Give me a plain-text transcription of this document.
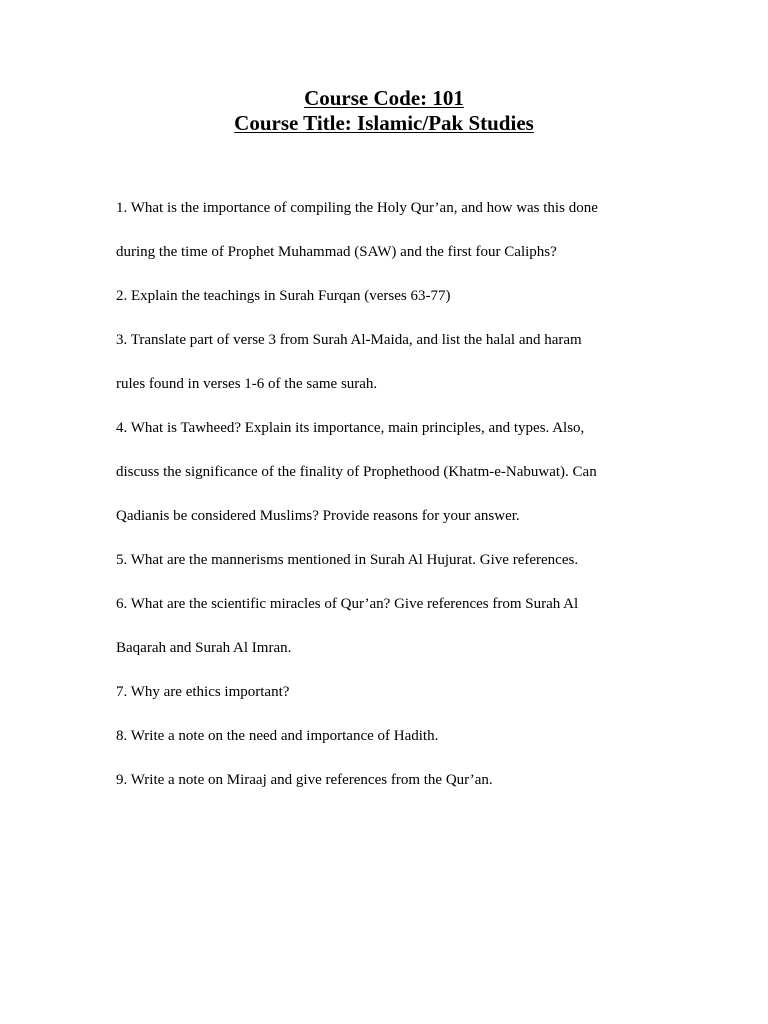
Course Code: 101
Course Title: Islamic/Pak Studies
1. What is the importance of compiling the Holy Qur’an, and how was this done
during the time of Prophet Muhammad (SAW) and the first four Caliphs?
2. Explain the teachings in Surah Furqan (verses 63-77)
3. Translate part of verse 3 from Surah Al-Maida, and list the halal and haram
rules found in verses 1-6 of the same surah.
4. What is Tawheed? Explain its importance, main principles, and types. Also,
discuss the significance of the finality of Prophethood (Khatm-e-Nabuwat). Can
Qadianis be considered Muslims? Provide reasons for your answer.
5. What are the mannerisms mentioned in Surah Al Hujurat. Give references.
6. What are the scientific miracles of Qur’an? Give references from Surah Al
Baqarah and Surah Al Imran.
7. Why are ethics important?
8. Write a note on the need and importance of Hadith.
9. Write a note on Miraaj and give references from the Qur’an.
